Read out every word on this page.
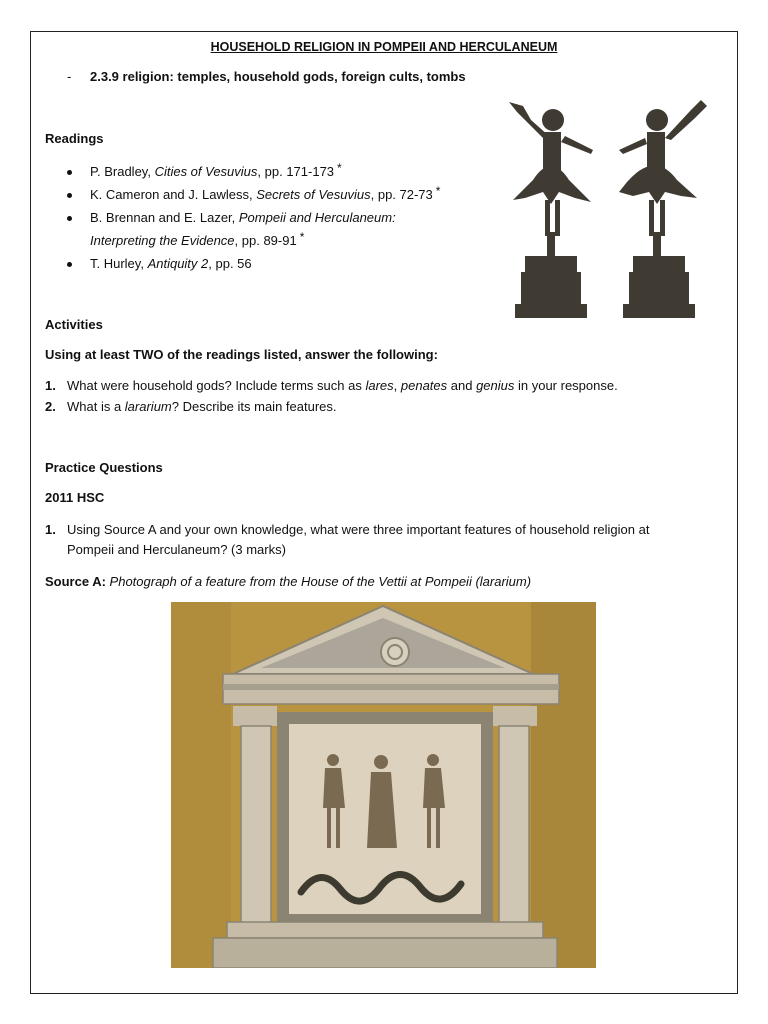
HOUSEHOLD RELIGION IN POMPEII AND HERCULANEUM
- 2.3.9 religion: temples, household gods, foreign cults, tombs
Readings
P. Bradley, Cities of Vesuvius, pp. 171-173 *
K. Cameron and J. Lawless, Secrets of Vesuvius, pp. 72-73 *
B. Brennan and E. Lazer, Pompeii and Herculaneum:
Interpreting the Evidence, pp. 89-91 *
T. Hurley, Antiquity 2, pp. 56
Activities
Using at least TWO of the readings listed, answer the following:
1. What were household gods? Include terms such as lares, penates and genius in your response.
2. What is a lararium? Describe its main features.
Practice Questions
2011 HSC
1. Using Source A and your own knowledge, what were three important features of household religion at
Pompeii and Herculaneum? (3 marks)
Source A: Photograph of a feature from the House of the Vettii at Pompeii (lararium)
